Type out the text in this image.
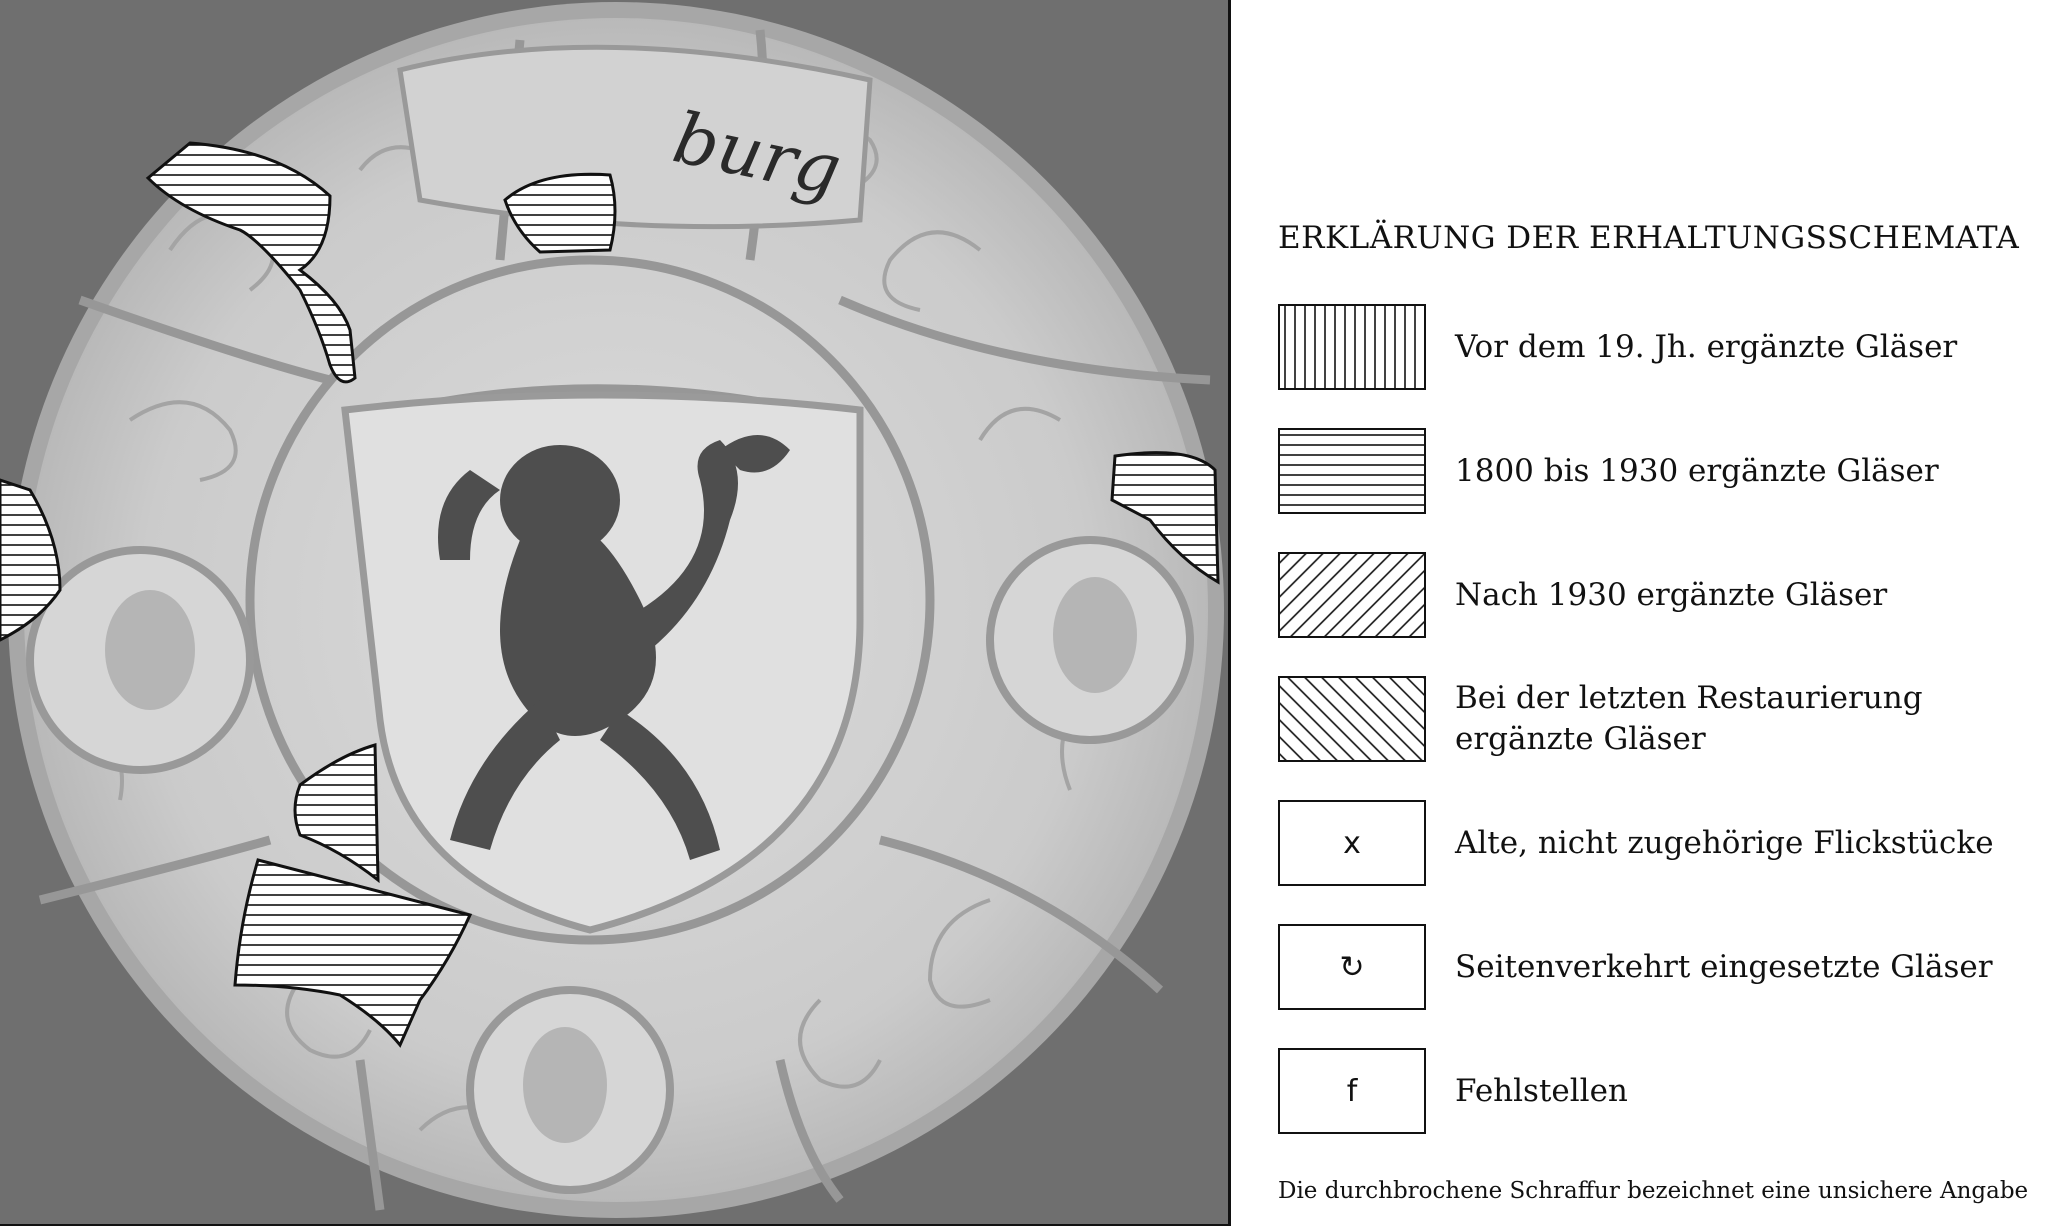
burg
ERKLÄRUNG DER ERHALTUNGSSCHEMATA
Vor dem 19. Jh. ergänzte Gläser
1800 bis 1930 ergänzte Gläser
Nach 1930 ergänzte Gläser
Bei der letzten Restaurierung
ergänzte Gläser
x	Alte, nicht zugehörige Flickstücke
↻	Seitenverkehrt eingesetzte Gläser
f	Fehlstellen
Die durchbrochene Schraffur bezeichnet eine unsichere Angabe
